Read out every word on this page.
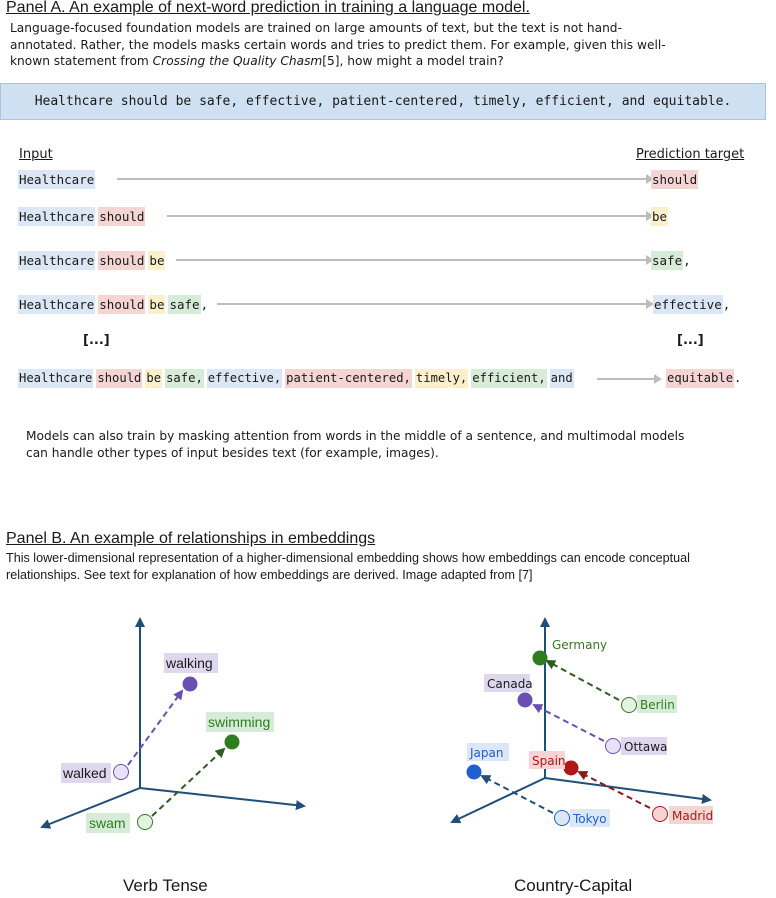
Panel A. An example of next-word prediction in training a language model.
Language-focused foundation models are trained on large amounts of text, but the text is not hand-
annotated. Rather, the models masks certain words and tries to predict them. For example, given this well-
known statement from Crossing the Quality Chasm[5], how might a model train?
Healthcare should be safe, effective, patient-centered, timely, efficient, and equitable.
Input	Prediction target
Healthcare	should
Healthcare should	be
Healthcare should be	safe,
Healthcare should be safe,	effective,
[...]	[...]
Healthcare should be safe, effective, patient-centered, timely, efficient, and	equitable.
Models can also train by masking attention from words in the middle of a sentence, and multimodal models
can handle other types of input besides text (for example, images).
Panel B. An example of relationships in embeddings
This lower-dimensional representation of a higher-dimensional embedding shows how embeddings can encode conceptual
relationships. See text for explanation of how embeddings are derived. Image adapted from [7]
walking
swimming
walked
swam
Verb Tense
Germany
Berlin
Canada
Ottawa
Japan
Tokyo
Spain
Madrid
Country-Capital
